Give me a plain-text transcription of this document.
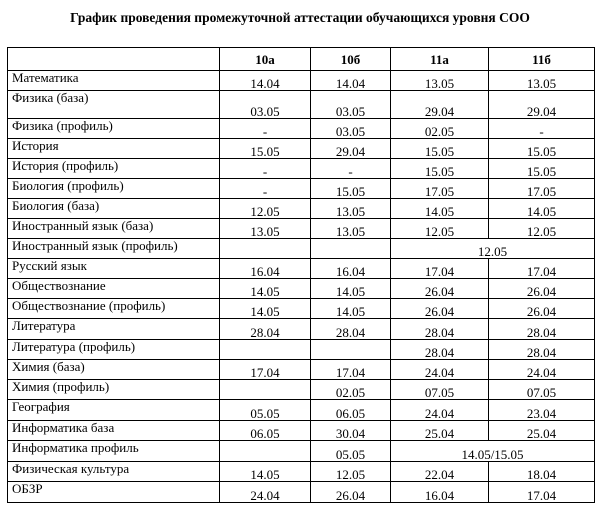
График проведения промежуточной аттестации обучающихся уровня СОО
	10а	10б	11а	11б
Математика	14.04	14.04	13.05	13.05
Физика (база)	03.05	03.05	29.04	29.04
Физика (профиль)	-	03.05	02.05	-
История	15.05	29.04	15.05	15.05
История (профиль)	-	-	15.05	15.05
Биология (профиль)	-	15.05	17.05	17.05
Биология (база)	12.05	13.05	14.05	14.05
Иностранный язык (база)	13.05	13.05	12.05	12.05
Иностранный язык (профиль)			12.05	
Русский язык	16.04	16.04	17.04	17.04
Обществознание	14.05	14.05	26.04	26.04
Обществознание (профиль)	14.05	14.05	26.04	26.04
Литература	28.04	28.04	28.04	28.04
Литература (профиль)			28.04	28.04
Химия (база)	17.04	17.04	24.04	24.04
Химия (профиль)		02.05	07.05	07.05
География	05.05	06.05	24.04	23.04
Информатика база	06.05	30.04	25.04	25.04
Информатика профиль		05.05	14.05/15.05	
Физическая культура	14.05	12.05	22.04	18.04
ОБЗР	24.04	26.04	16.04	17.04
